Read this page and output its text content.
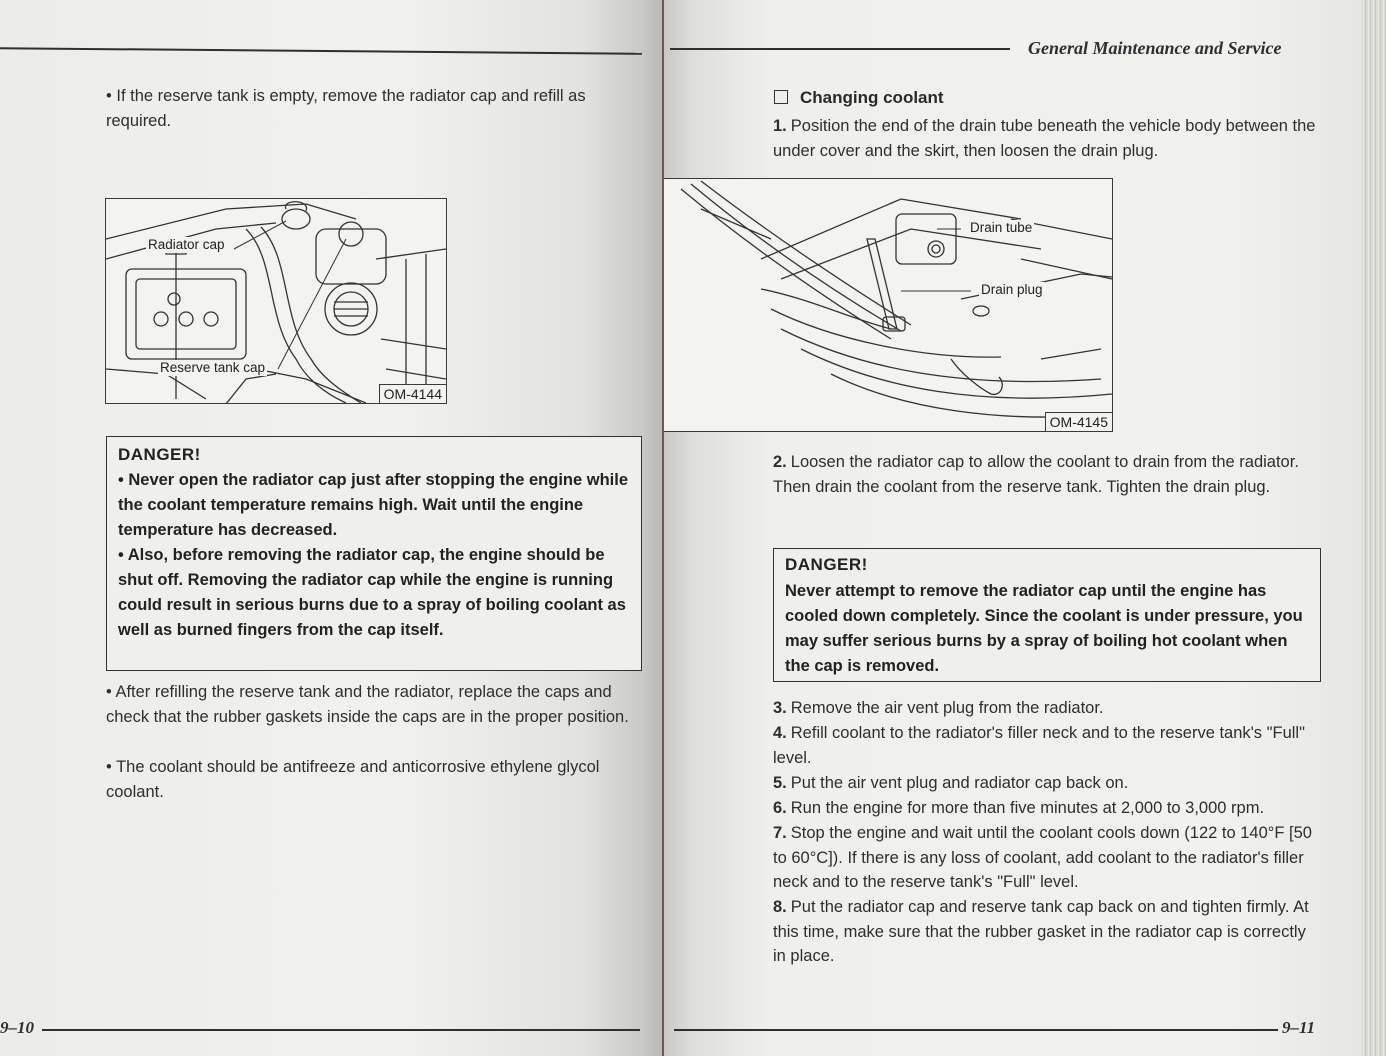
• If the reserve tank is empty, remove the radiator cap and refill as required.
Radiator cap
Reserve tank cap
OM-4144
DANGER!
• Never open the radiator cap just after stopping the engine while the coolant temperature remains high. Wait until the engine temperature has decreased.
• Also, before removing the radiator cap, the engine should be shut off. Removing the radiator cap while the engine is running could result in serious burns due to a spray of boiling coolant as well as burned fingers from the cap itself.
• After refilling the reserve tank and the radiator, replace the caps and check that the rubber gaskets inside the caps are in the proper position.
• The coolant should be antifreeze and anticorrosive ethylene glycol coolant.
9–10
General Maintenance and Service
Changing coolant
1. Position the end of the drain tube beneath the vehicle body between the under cover and the skirt, then loosen the drain plug.
Drain tube
Drain plug
OM-4145
2. Loosen the radiator cap to allow the coolant to drain from the radiator. Then drain the coolant from the reserve tank. Tighten the drain plug.
DANGER!
Never attempt to remove the radiator cap until the engine has cooled down completely. Since the coolant is under pressure, you may suffer serious burns by a spray of boiling hot coolant when the cap is removed.
3. Remove the air vent plug from the radiator.
4. Refill coolant to the radiator's filler neck and to the reserve tank's "Full" level.
5. Put the air vent plug and radiator cap back on.
6. Run the engine for more than five minutes at 2,000 to 3,000 rpm.
7. Stop the engine and wait until the coolant cools down (122 to 140°F [50 to 60°C]). If there is any loss of coolant, add coolant to the radiator's filler neck and to the reserve tank's "Full" level.
8. Put the radiator cap and reserve tank cap back on and tighten firmly. At this time, make sure that the rubber gasket in the radiator cap is correctly in place.
9–11
